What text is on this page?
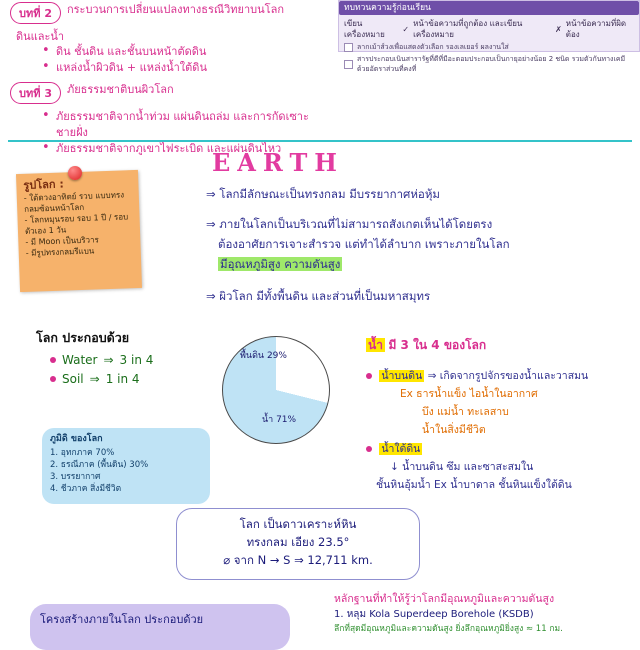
ทบทวนความรู้ก่อนเรียน
เขียนเครื่องหมาย
✓
หน้าข้อความที่ถูกต้อง และเขียนเครื่องหมาย
✗
หน้าข้อความที่ผิดต้อง
ลากเม้าส์วงเพื่อแสดงตัวเลือก รองเลเยอร์ ผลงานใส่
สารประกอบเนินสารารัฐที่ดีที่มีอะตอมประกอบเป็นกายุอย่างน้อย 2 ชนิด รวมตัวกันทางเคมีด้วยอัตราส่วนที่คงที่
บทที่ 2	กระบวนการเปลี่ยนแปลงทางธรณีวิทยาบนโลก
ดินและน้ำ
• ดิน ชั้นดิน และชั้นบนหน้าตัดดิน
• แหล่งน้ำผิวดิน + แหล่งน้ำใต้ดิน
บทที่ 3	ภัยธรรมชาติบนผิวโลก
• ภัยธรรมชาติจากน้ำท่วม แผ่นดินถล่ม และการกัดเซาะชายฝั่ง
• ภัยธรรมชาติจากภูเขาไฟระเบิด และแผ่นดินไหว
EARTH
รูปโลก :
- ใต้ดวงอาทิตย์ รวบ แบบทรงกลมซ้อนหน้าโลก
- โลกหมุนรอบ รอบ 1 ปี / รอบตัวเอง 1 วัน
- มี Moon เป็นบริวาร
- มีรูปทรงกลมรีแบน
⇒ โลกมีลักษณะเป็นทรงกลม มีบรรยากาศห่อหุ้ม
⇒ ภายในโลกเป็นบริเวณที่ไม่สามารถสังเกตเห็นได้โดยตรง
ต้องอาศัยการเจาะสำรวจ แต่ทำได้ลำบาก เพราะภายในโลก
มีอุณหภูมิสูง ความดันสูง
⇒ ผิวโลก มีทั้งพื้นดิน และส่วนที่เป็นมหาสมุทร
โลก ประกอบด้วย
Water ⇒ 3 in 4
Soil ⇒ 1 in 4
พื้นดิน 29%
น้ำ 71%
ภูมิดิ ของโลก
1. อุทกภาค 70%
2. ธรณีภาค (พื้นดิน) 30%
3. บรรยากาศ
4. ชีวภาค สิ่งมีชีวิต
น้ำ มี 3 ใน 4 ของโลก
น้ำบนดิน ⇒ เกิดจากรูปจักรของน้ำและวาสมน
Ex ธารน้ำแข็ง ไอน้ำในอากาศ
บึง แม่น้ำ ทะเลสาบ
น้ำในสิ่งมีชีวิต
น้ำใต้ดิน
↓ น้ำบนดิน ซึม และซาสะสมใน
ชั้นหินอุ้มน้ำ Ex น้ำบาดาล ชั้นหินแข็งใต้ดิน
โลก เป็นดาวเคราะห์หิน
ทรงกลม เอียง 23.5°
⌀ จาก N → S ⇒ 12,711 km.
หลักฐานที่ทำให้รู้ว่าโลกมีอุณหภูมิและความดันสูง
1. หลุม Kola Superdeep Borehole (KSDB)
ลึกที่สุดมีอุณหภูมิและความดันสูง ยิ่งลึกอุณหภูมิยิ่งสูง ≈ 11 กม.
โครงสร้างภายในโลก ประกอบด้วย
